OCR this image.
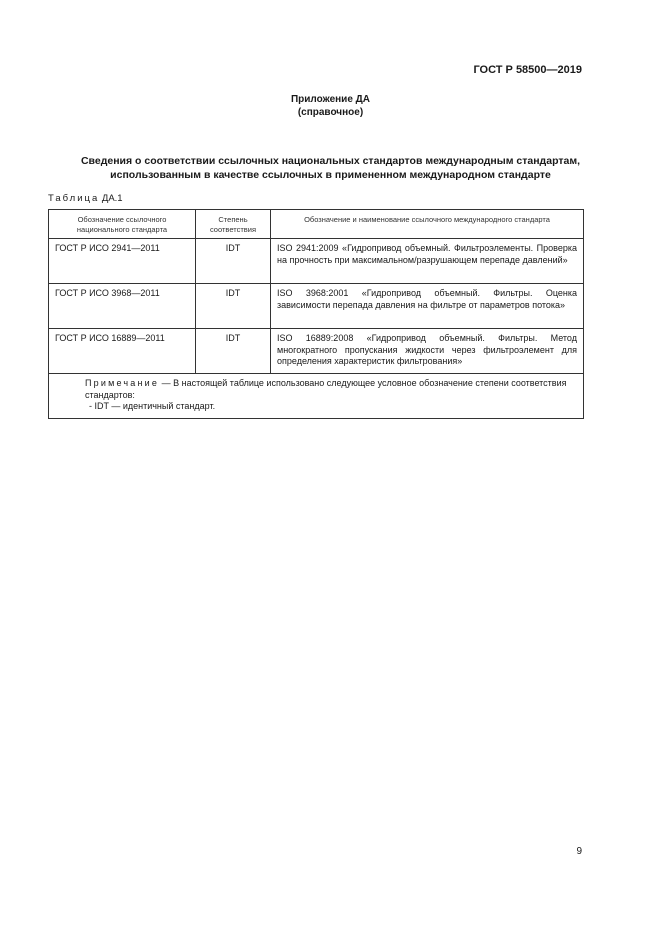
ГОСТ Р 58500—2019
Приложение ДА
(справочное)
Сведения о соответствии ссылочных национальных стандартов международным стандартам,
использованным в качестве ссылочных в примененном международном стандарте
Таблица ДА.1
Обозначение ссылочного национального стандарта	Степень соответствия	Обозначение и наименование ссылочного международного стандарта
ГОСТ Р ИСО 2941—2011	IDT	ISO 2941:2009 «Гидропривод объемный. Фильтроэлементы. Проверка на прочность при максимальном/разрушающем перепаде давлений»
ГОСТ Р ИСО 3968—2011	IDT	ISO 3968:2001 «Гидропривод объемный. Фильтры. Оценка зависимости перепада давления на фильтре от параметров потока»
ГОСТ Р ИСО 16889—2011	IDT	ISO 16889:2008 «Гидропривод объемный. Фильтры. Метод многократного пропускания жидкости через фильтроэлемент для определения характеристик фильтрования»

Примечание — В настоящей таблице использовано следующее условное обозначение степени соответствия стандартов:
- IDT — идентичный стандарт.		
9
